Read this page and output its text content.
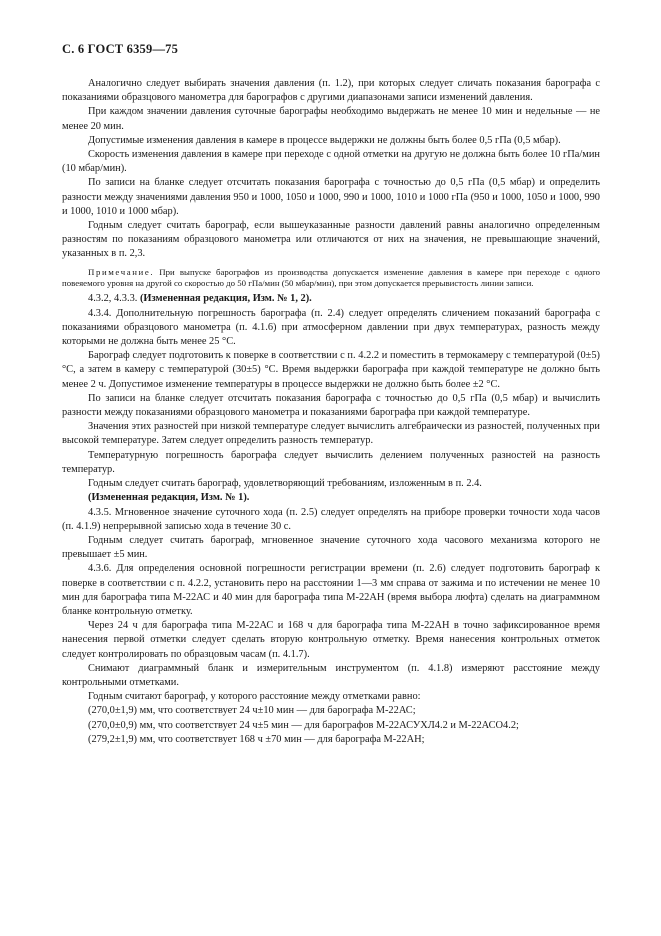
С. 6 ГОСТ 6359—75

Аналогично следует выбирать значения давления (п. 1.2), при которых следует сличать показания барографа с показаниями образцового манометра для барографов с другими диапазонами записи изменений давления.

При каждом значении давления суточные барографы необходимо выдержать не менее 10 мин и недельные — не менее 20 мин.

Допустимые изменения давления в камере в процессе выдержки не должны быть более 0,5 гПа (0,5 мбар).

Скорость изменения давления в камере при переходе с одной отметки на другую не должна быть более 10 гПа/мин (10 мбар/мин).

По записи на бланке следует отсчитать показания барографа с точностью до 0,5 гПа (0,5 мбар) и определить разности между значениями давления 950 и 1000, 1050 и 1000, 990 и 1000, 1010 и 1000 гПа (950 и 1000, 1050 и 1000, 990 и 1000, 1010 и 1000 мбар).

Годным следует считать барограф, если вышеуказанные разности давлений равны аналогично определенным разностям по показаниям образцового манометра или отличаются от них на значения, не превышающие значений, указанных в п. 2,3.

Примечание. При выпуске барографов из производства допускается изменение давления в камере при переходе с одного повеяемого уровня на другой со скоростью до 50 гПа/мин (50 мбар/мин), при этом допускается прерывистость линии записи.

4.3.2, 4.3.3. (Измененная редакция, Изм. № 1, 2).

4.3.4. Дополнительную погрешность барографа (п. 2.4) следует определять сличением показаний барографа с показаниями образцового манометра (п. 4.1.6) при атмосферном давлении при двух температурах, разность между которыми не должна быть менее 25 °С.

Барограф следует подготовить к поверке в соответствии с п. 4.2.2 и поместить в термокамеру с температурой (0±5) °С, а затем в камеру с температурой (30±5) °С. Время выдержки барографа при каждой температуре не должно быть менее 2 ч. Допустимое изменение температуры в процессе выдержки не должно быть более ±2 °С.

По записи на бланке следует отсчитать показания барографа с точностью до 0,5 гПа (0,5 мбар) и вычислить разности между показаниями образцового манометра и показаниями барографа при каждой температуре.

Значения этих разностей при низкой температуре следует вычислить алгебраически из разностей, полученных при высокой температуре. Затем следует определить разность температур.

Температурную погрешность барографа следует вычислить делением полученных разностей на разность температур.

Годным следует считать барограф, удовлетворяющий требованиям, изложенным в п. 2.4.

(Измененная редакция, Изм. № 1).

4.3.5. Мгновенное значение суточного хода (п. 2.5) следует определять на приборе проверки точности хода часов (п. 4.1.9) непрерывной записью хода в течение 30 с.

Годным следует считать барограф, мгновенное значение суточного хода часового механизма которого не превышает ±5 мин.

4.3.6. Для определения основной погрешности регистрации времени (п. 2.6) следует подготовить барограф к поверке в соответствии с п. 4.2.2, установить перо на расстоянии 1—3 мм справа от зажима и по истечении не менее 10 мин для барографа типа М-22АС и 40 мин для барографа типа М-22АН (время выбора люфта) сделать на диаграммном бланке контрольную отметку.

Через 24 ч для барографа типа М-22АС и 168 ч для барографа типа М-22АН в точно зафиксированное время нанесения первой отметки следует сделать вторую контрольную отметку. Время нанесения контрольных отметок следует контролировать по образцовым часам (п. 4.1.7).

Снимают диаграммный бланк и измерительным инструментом (п. 4.1.8) измеряют расстояние между контрольными отметками.

Годным считают барограф, у которого расстояние между отметками равно:

(270,0±1,9) мм, что соответствует 24 ч±10 мин — для барографа М-22АС;

(270,0±0,9) мм, что соответствует 24 ч±5 мин — для барографов М-22АСУХЛ4.2 и М-22АСО4.2;

(279,2±1,9) мм, что соответствует 168 ч ±70 мин — для барографа М-22АН;
